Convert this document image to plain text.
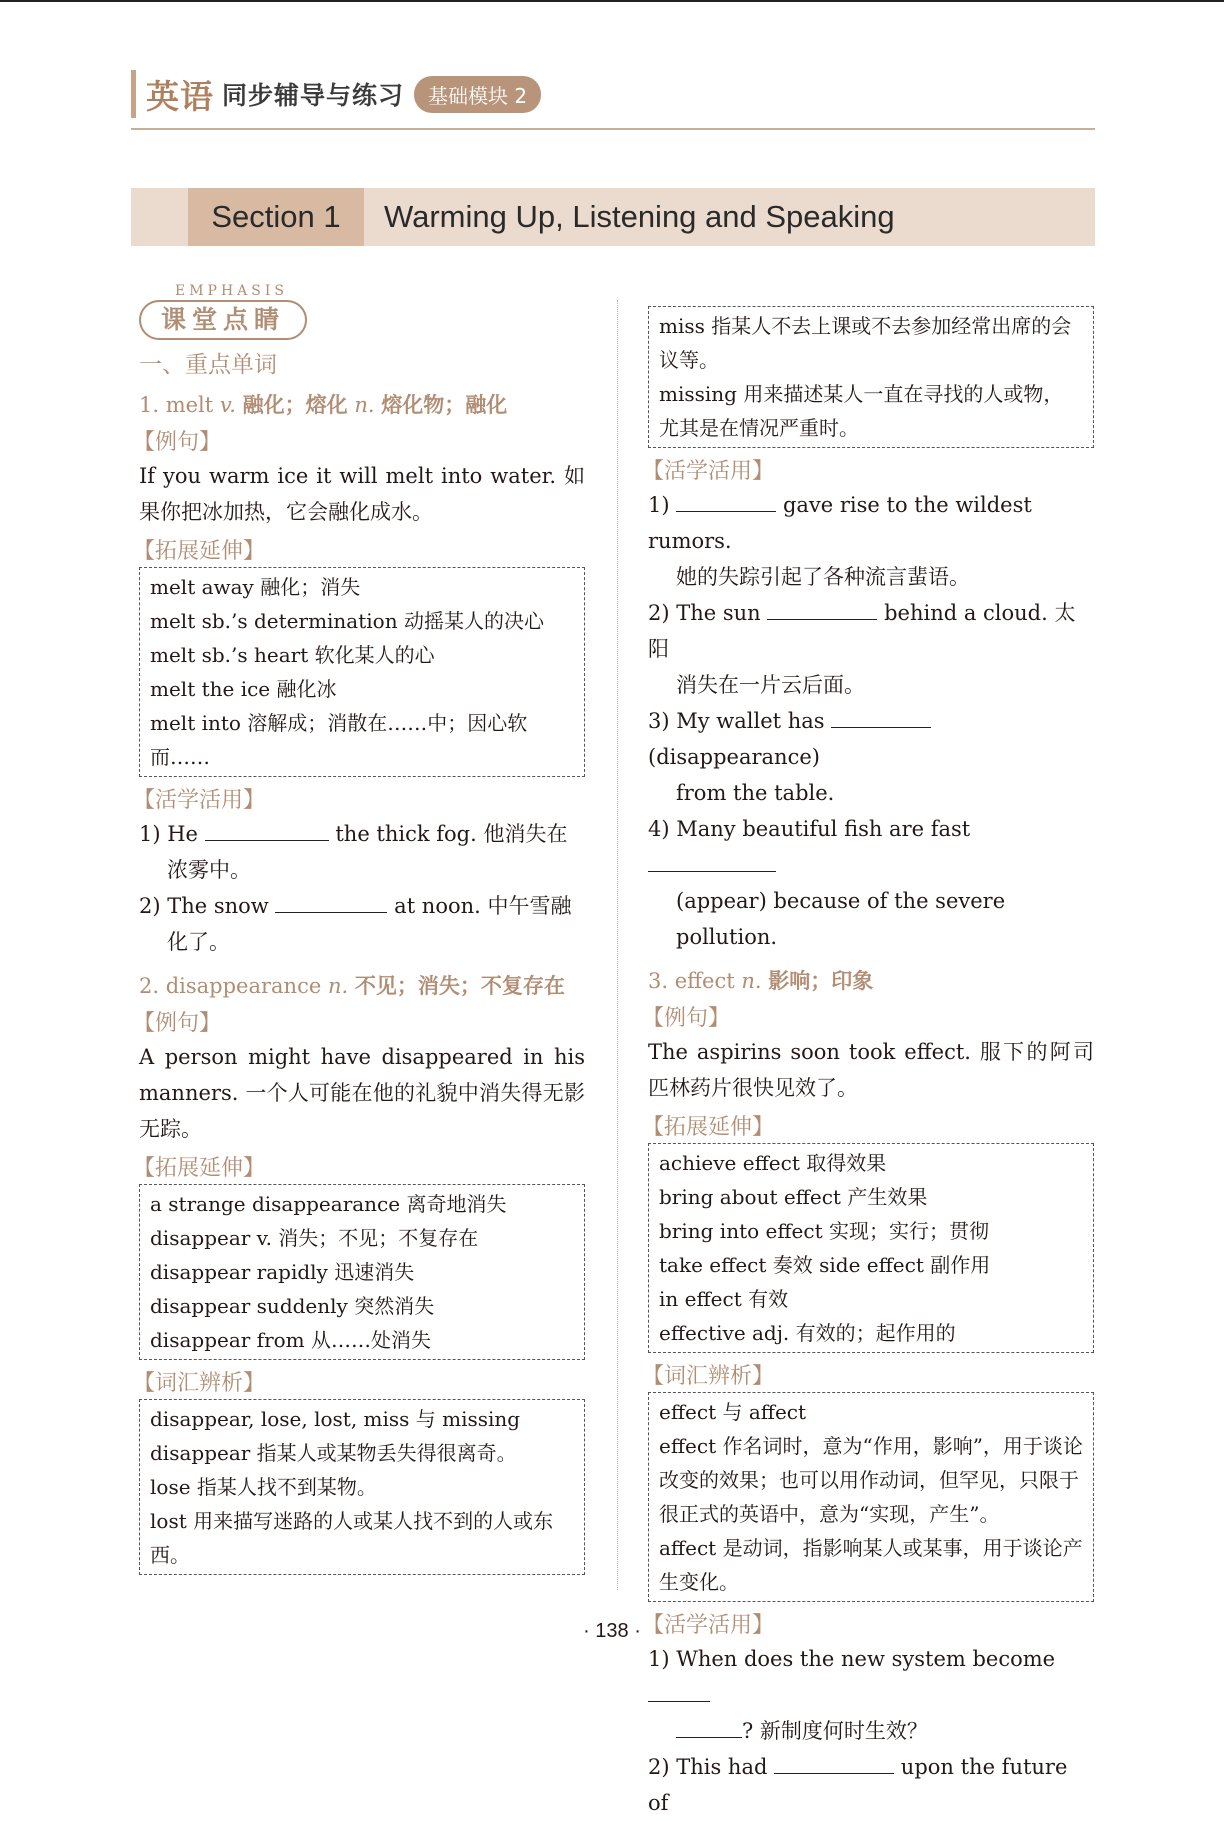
英语 同步辅导与练习	基础模块 2
Section 1	Warming Up, Listening and Speaking
EMPHASIS
课堂点睛
一、重点单词
1. melt v. 融化；熔化 n. 熔化物；融化
【例句】

If you warm ice it will melt into water. 如果你把冰加热，它会融化成水。

【拓展延伸】
melt away 融化；消失
melt sb.’s determination 动摇某人的决心
melt sb.’s heart 软化某人的心
melt the ice 融化冰
melt into 溶解成；消散在……中；因心软而……
【活学活用】
1) He	the thick fog. 他消失在
浓雾中。
2) The snow	at noon. 中午雪融
化了。
2. disappearance n. 不见；消失；不复存在
【例句】

A person might have disappeared in his manners. 一个人可能在他的礼貌中消失得无影无踪。

【拓展延伸】
a strange disappearance 离奇地消失
disappear v. 消失；不见；不复存在
disappear rapidly 迅速消失
disappear suddenly 突然消失
disappear from 从……处消失
【词汇辨析】
disappear, lose, lost, miss 与 missing
disappear 指某人或某物丢失得很离奇。
lose 指某人找不到某物。
lost 用来描写迷路的人或某人找不到的人或东西。
miss 指某人不去上课或不去参加经常出席的会议等。
missing 用来描述某人一直在寻找的人或物，尤其是在情况严重时。
【活学活用】
1)	gave rise to the wildest rumors.
她的失踪引起了各种流言蜚语。
2) The sun	behind a cloud. 太阳
消失在一片云后面。
3) My wallet has  (disappearance)
from the table.
4) Many beautiful fish are fast
(appear) because of the severe pollution.
3. effect n. 影响；印象
【例句】

The aspirins soon took effect. 服下的阿司匹林药片很快见效了。

【拓展延伸】
achieve effect 取得效果
bring about effect 产生效果
bring into effect 实现；实行；贯彻
take effect 奏效 side effect 副作用
in effect 有效
effective adj. 有效的；起作用的
【词汇辨析】
effect 与 affect
effect 作名词时，意为“作用，影响”，用于谈论改变的效果；也可以用作动词，但罕见，只限于很正式的英语中，意为“实现，产生”。
affect 是动词，指影响某人或某事，用于谈论产生变化。
【活学活用】
1) When does the new system become
? 新制度何时生效？
2) This had	upon the future of
· 138 ·
